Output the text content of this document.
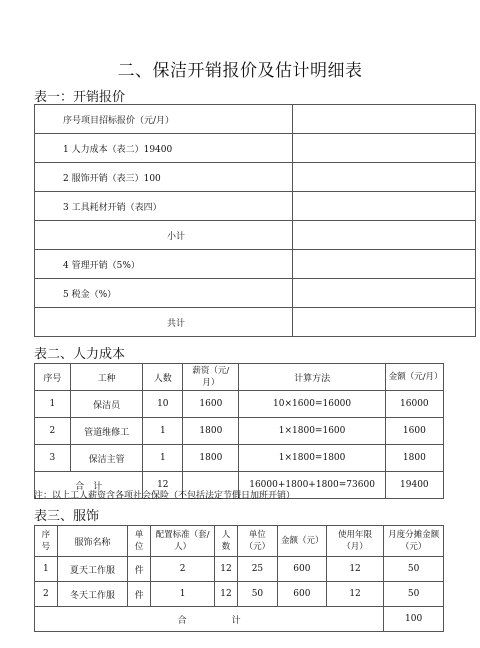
二、保洁开销报价及估计明细表
表一：开销报价
序号项目招标报价（元/月）	
1 人力成本（表二）19400	
2 服饰开销（表三）100	
3 工具耗材开销（表四）	
小计	
4 管理开销（5%）	
5 税金（%）	
共计	
表二、人力成本
序号	工种	人数	薪资（元/月）	计算方法	金额（元/月）
1	保洁员	10	1600	10×1600=16000	16000
2	管道维修工	1	1800	1×1800=1600	1600
3	保洁主管	1	1800	1×1800=1800	1800
合　计		12		16000+1800+1800=73600	19400
注：以上工人薪资含各项社会保险（不包括法定节假日加班开销）
表三、服饰
序号	服饰名称	单位	配置标准（套/人）	人数	单位（元）	金额（元）	使用年限（月）	月度分摊金额（元）
1	夏天工作服	件	2	12	25	600	12	50
2	冬天工作服	件	1	12	50	600	12	50
合　　　　　计								100
